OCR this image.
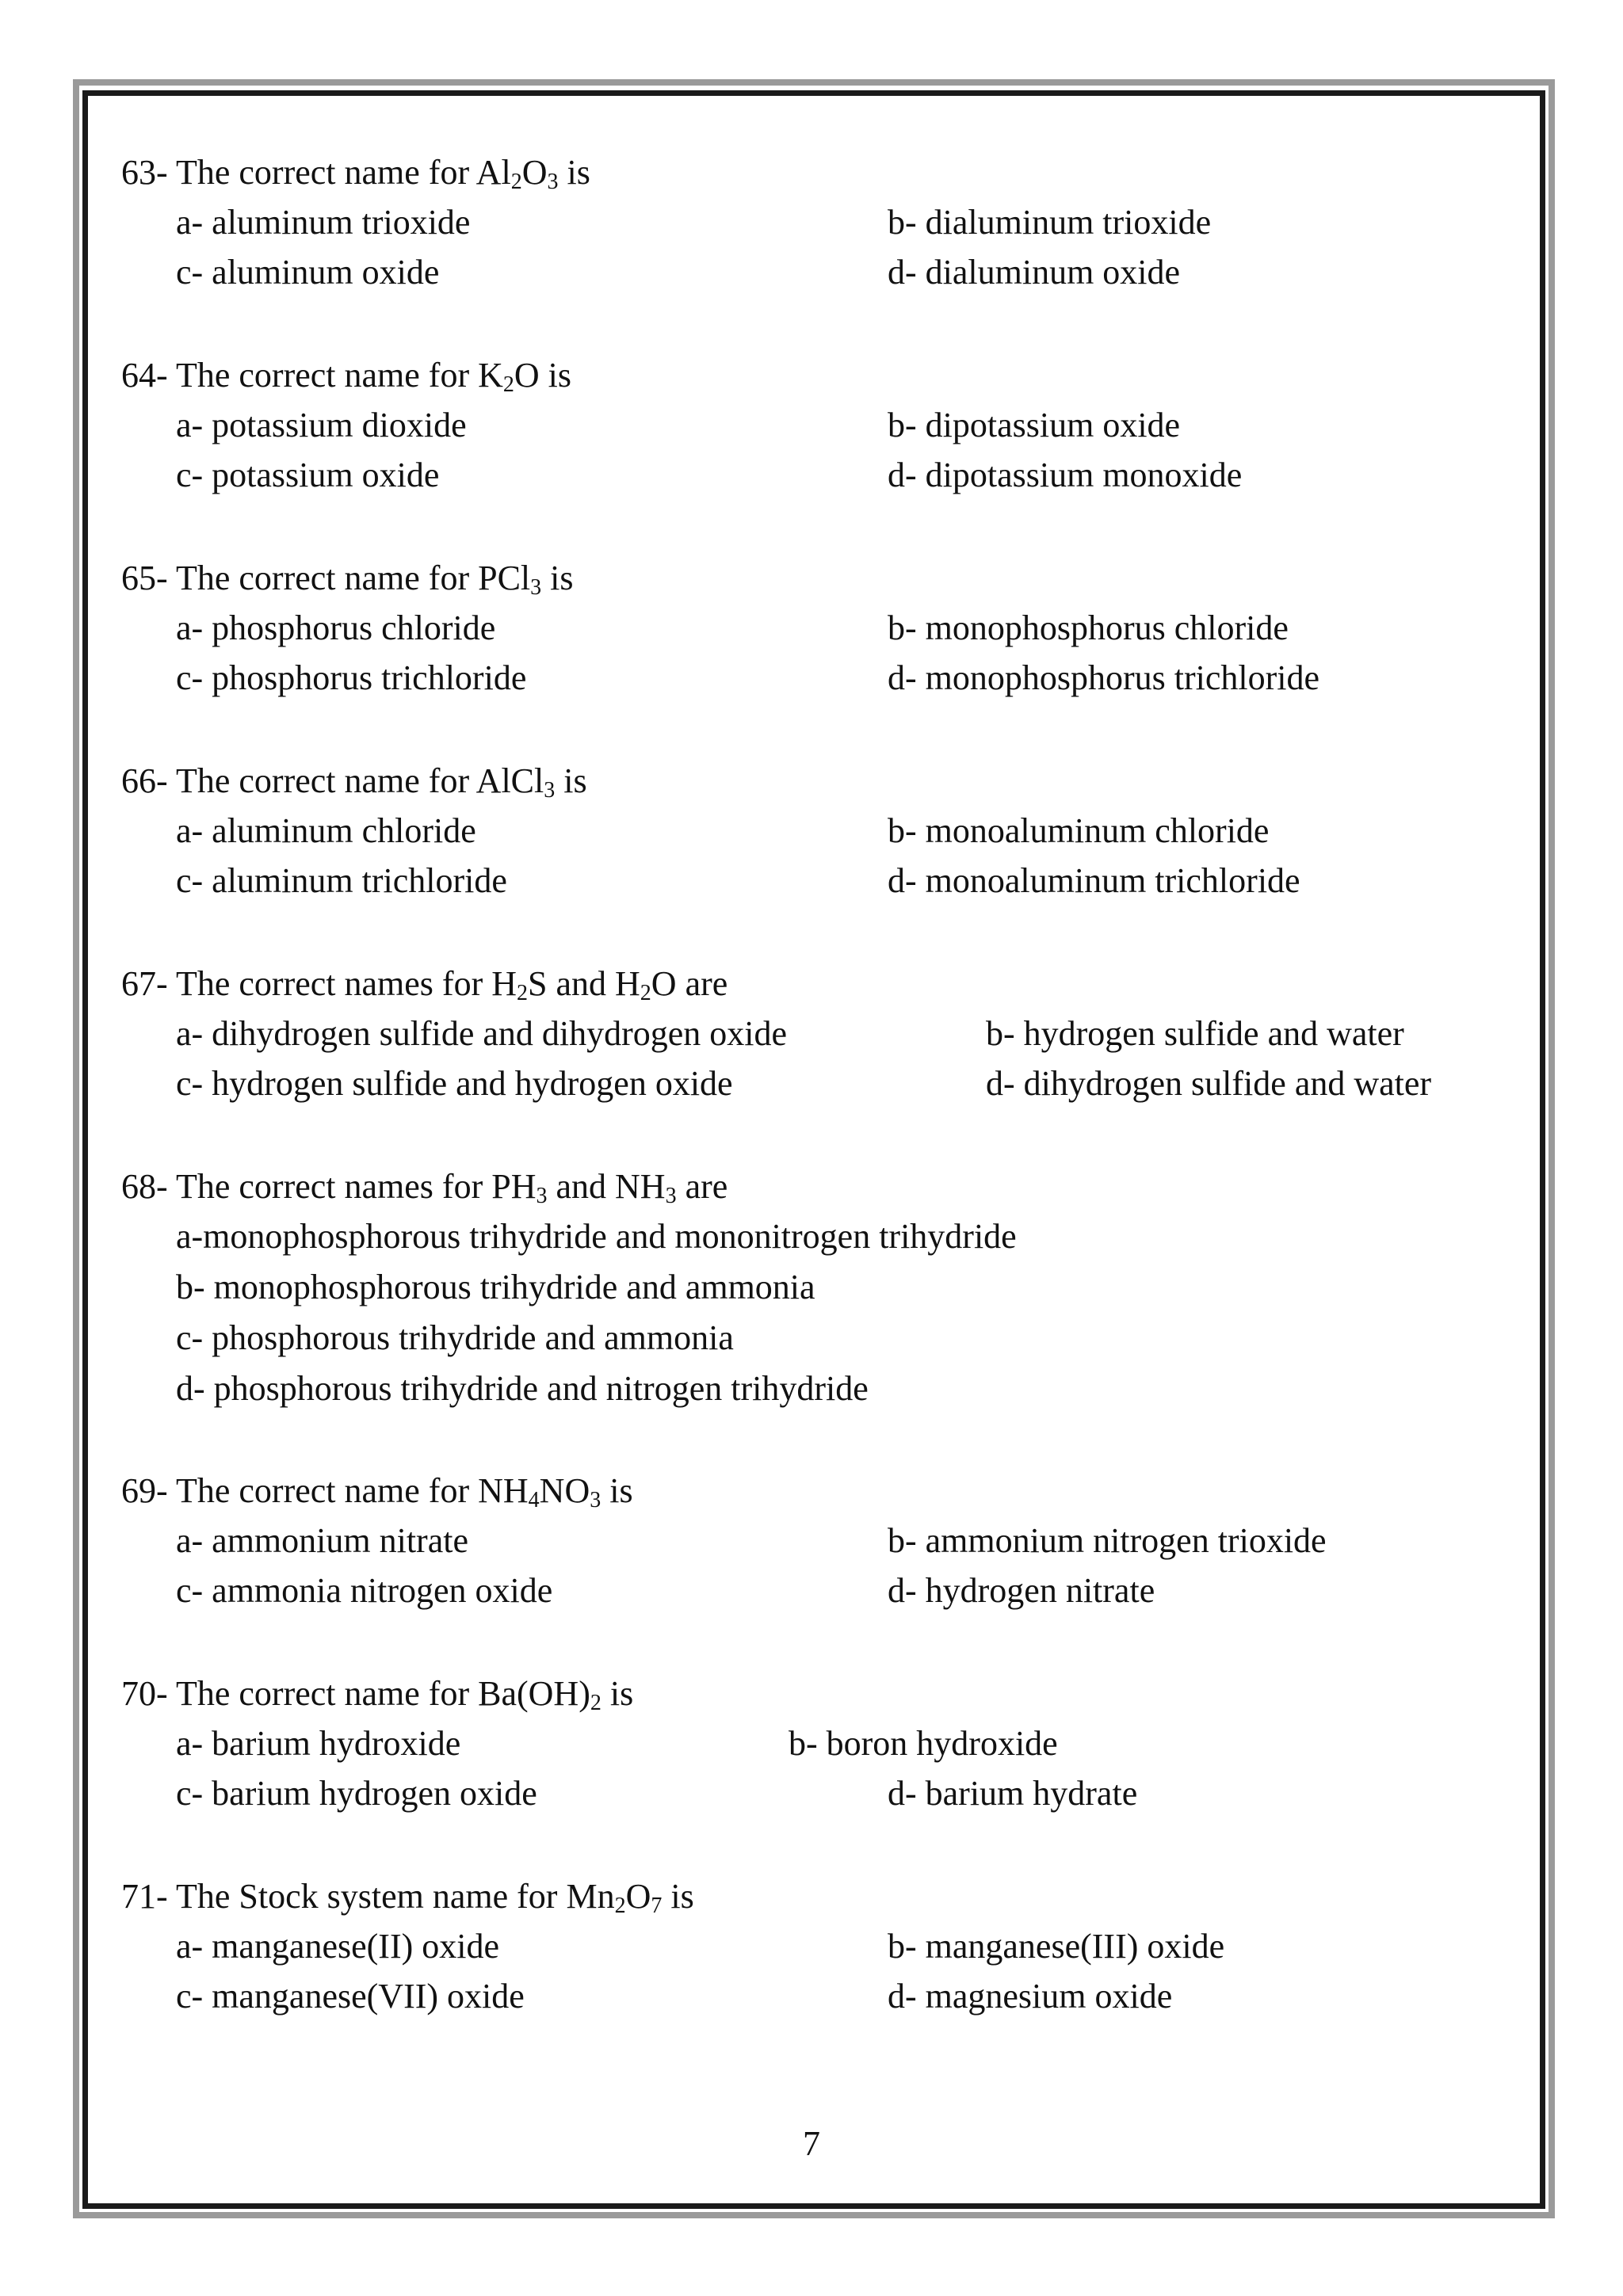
63- The correct name for $Al_2O_3$ is
a- aluminum trioxide	b- dialuminum trioxide
c- aluminum oxide	d- dialuminum oxide
64- The correct name for $K_2O$ is
a- potassium dioxide	b- dipotassium oxide
c- potassium oxide	d- dipotassium monoxide
65- The correct name for PCl$_3$ is
a- phosphorus chloride	b- monophosphorus chloride
c- phosphorus trichloride	d- monophosphorus trichloride
66- The correct name for AlCl$_3$ is
a- aluminum chloride	b- monoaluminum chloride
c- aluminum trichloride	d- monoaluminum trichloride
67- The correct names for $H_2S$ and $H_2O$ are
a- dihydrogen sulfide and dihydrogen oxide	b- hydrogen sulfide and water
c- hydrogen sulfide and hydrogen oxide	d- dihydrogen sulfide and water
68- The correct names for $PH_3$ and $NH_3$ are
a-monophosphorous trihydride and mononitrogen trihydride
b- monophosphorous trihydride and ammonia
c- phosphorous trihydride and ammonia
d- phosphorous trihydride and nitrogen trihydride
69- The correct name for $NH_4NO_3$ is
a- ammonium nitrate	b- ammonium nitrogen trioxide
c- ammonia nitrogen oxide	d- hydrogen nitrate
70- The correct name for $Ba(OH)_2$ is
a- barium hydroxide	b- boron hydroxide
c- barium hydrogen oxide	d- barium hydrate
71- The Stock system name for $Mn_2O_7$ is
a- manganese(II) oxide	b- manganese(III) oxide
c- manganese(VII) oxide	d- magnesium oxide
7
